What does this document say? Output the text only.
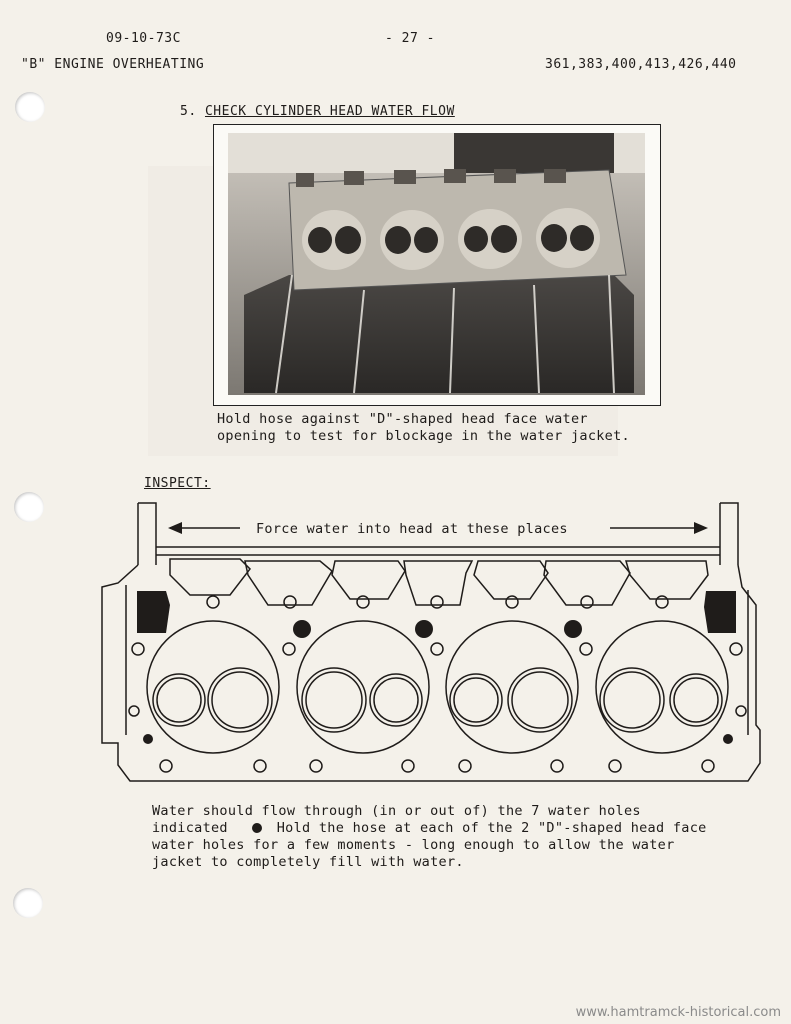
09-10-73C	- 27 -
"B" ENGINE OVERHEATING	361,383,400,413,426,440
5. CHECK CYLINDER HEAD WATER FLOW
Hold hose against "D"-shaped head face water opening to test for blockage in the water jacket.
INSPECT:
Force water into head at these places
Water should flow through (in or out of) the 7 water holes indicated	Hold the hose at each of the 2 "D"-shaped head face water holes for a few moments - long enough to allow the water jacket to completely fill with water.
www.hamtramck-historical.com
